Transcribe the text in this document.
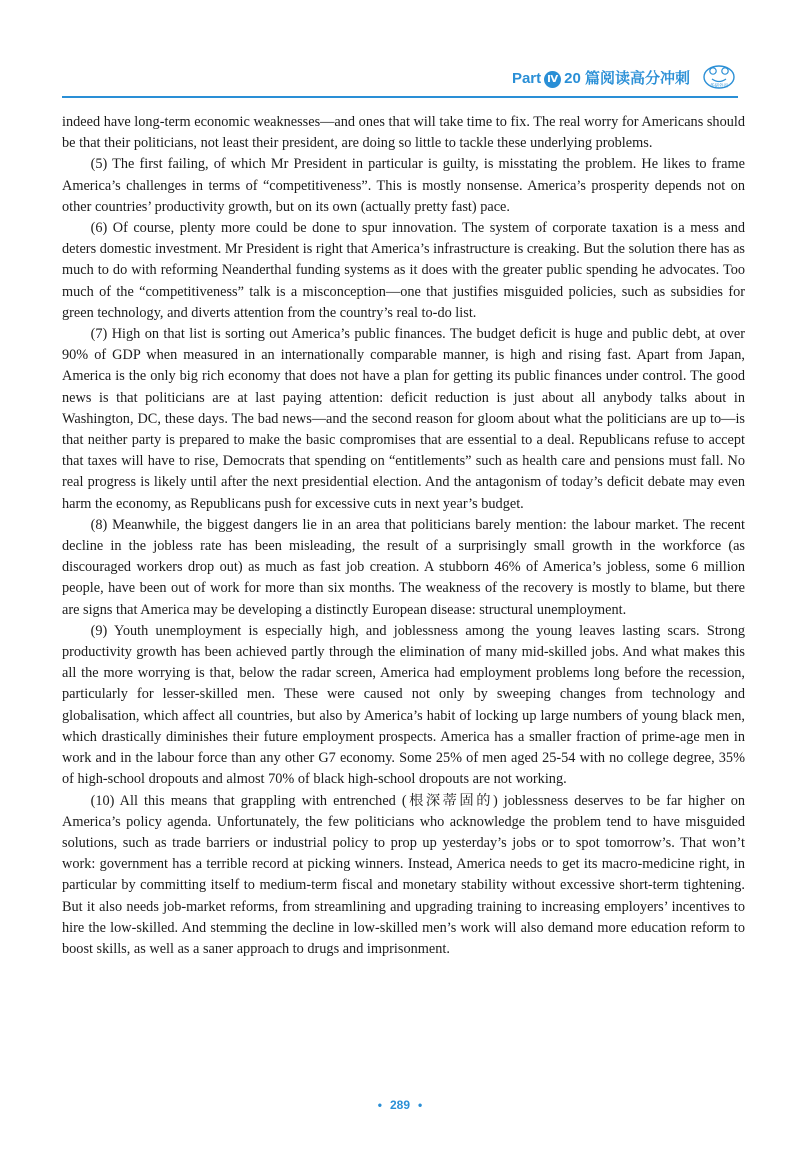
Part Ⅳ 20 篇阅读高分冲刺	华研外语

indeed have long-term economic weaknesses—and ones that will take time to fix. The real worry for Americans should be that their politicians, not least their president, are doing so little to tackle these underlying problems.

(5) The first failing, of which Mr President in particular is guilty, is misstating the problem. He likes to frame America’s challenges in terms of “competitiveness”. This is mostly nonsense. America’s prosperity depends not on other countries’ productivity growth, but on its own (actually pretty fast) pace.

(6) Of course, plenty more could be done to spur innovation. The system of corporate taxation is a mess and deters domestic investment. Mr President is right that America’s infrastructure is creaking. But the solution there has as much to do with reforming Neanderthal funding systems as it does with the greater public spending he advocates. Too much of the “competitiveness” talk is a misconception—one that justifies misguided policies, such as subsidies for green technology, and diverts attention from the country’s real to-do list.

(7) High on that list is sorting out America’s public finances. The budget deficit is huge and public debt, at over 90% of GDP when measured in an internationally comparable manner, is high and rising fast. Apart from Japan, America is the only big rich economy that does not have a plan for getting its public finances under control. The good news is that politicians are at last paying attention: deficit reduction is just about all anybody talks about in Washington, DC, these days. The bad news—and the second reason for gloom about what the politicians are up to—is that neither party is prepared to make the basic compromises that are essential to a deal. Republicans refuse to accept that taxes will have to rise, Democrats that spending on “entitlements” such as health care and pensions must fall. No real progress is likely until after the next presidential election. And the antagonism of today’s deficit debate may even harm the economy, as Republicans push for excessive cuts in next year’s budget.

(8) Meanwhile, the biggest dangers lie in an area that politicians barely mention: the labour market. The recent decline in the jobless rate has been misleading, the result of a surprisingly small growth in the workforce (as discouraged workers drop out) as much as fast job creation. A stubborn 46% of America’s jobless, some 6 million people, have been out of work for more than six months. The weakness of the recovery is mostly to blame, but there are signs that America may be developing a distinctly European disease: structural unemployment.

(9) Youth unemployment is especially high, and joblessness among the young leaves lasting scars. Strong productivity growth has been achieved partly through the elimination of many mid-skilled jobs. And what makes this all the more worrying is that, below the radar screen, America had employment problems long before the recession, particularly for lesser-skilled men. These were caused not only by sweeping changes from technology and globalisation, which affect all countries, but also by America’s habit of locking up large numbers of young black men, which drastically diminishes their future employment prospects. America has a smaller fraction of prime-age men in work and in the labour force than any other G7 economy. Some 25% of men aged 25-54 with no college degree, 35% of high-school dropouts and almost 70% of black high-school dropouts are not working.

(10) All this means that grappling with entrenched (根深蒂固的) joblessness deserves to be far higher on America’s policy agenda. Unfortunately, the few politicians who acknowledge the problem tend to have misguided solutions, such as trade barriers or industrial policy to prop up yesterday’s jobs or to spot tomorrow’s. That won’t work: government has a terrible record at picking winners. Instead, America needs to get its macro-medicine right, in particular by committing itself to medium-term fiscal and monetary stability without excessive short-term tightening. But it also needs job-market reforms, from streamlining and upgrading training to increasing employers’ incentives to hire the low-skilled. And stemming the decline in low-skilled men’s work will also demand more education reform to boost skills, as well as a saner approach to drugs and imprisonment.

• 289 •
